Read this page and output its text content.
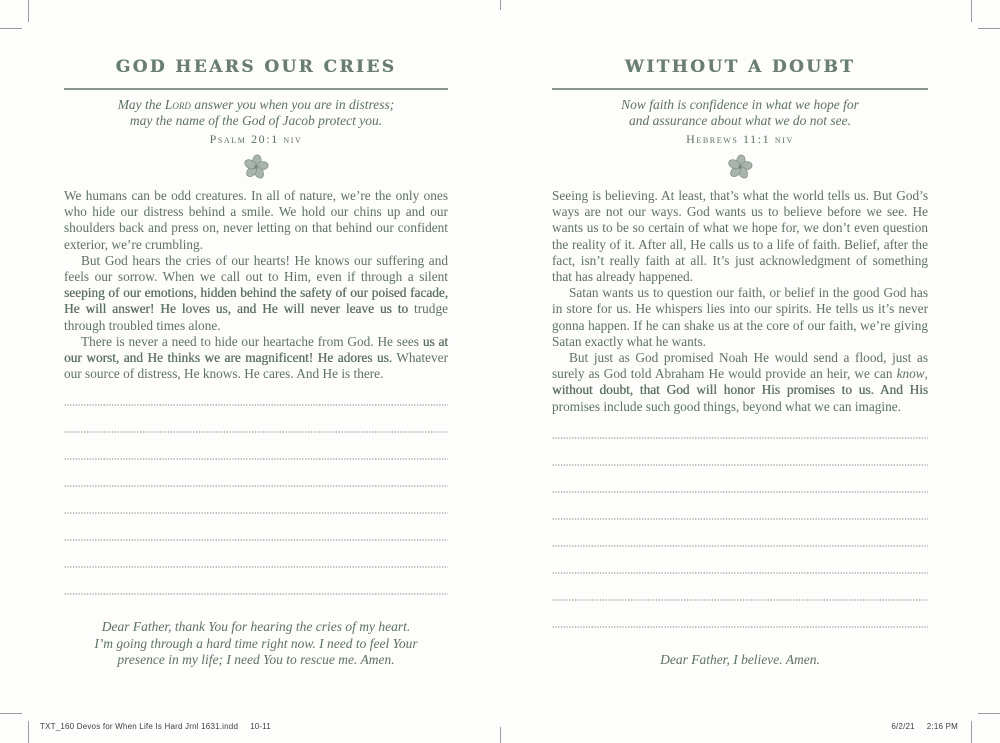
GOD HEARS OUR CRIES
May the Lord answer you when you are in distress;
may the name of the God of Jacob protect you.
Psalm 20:1 niv

We humans can be odd creatures. In all of nature, we’re the only ones who hide our distress behind a smile. We hold our chins up and our shoulders back and press on, never letting on that behind our confident exterior, we’re crumbling.

But God hears the cries of our hearts! He knows our suffering and feels our sorrow. When we call out to Him, even if through a silent seeping of our emotions, hidden behind the safety of our poised facade, He will answer! He loves us, and He will never leave us to trudge through troubled times alone.

There is never a need to hide our heartache from God. He sees us at our worst, and He thinks we are magnificent! He adores us. Whatever our source of distress, He knows. He cares. And He is there.

Dear Father, thank You for hearing the cries of my heart.
I’m going through a hard time right now. I need to feel Your
presence in my life; I need You to rescue me. Amen.
WITHOUT A DOUBT
Now faith is confidence in what we hope for
and assurance about what we do not see.
Hebrews 11:1 niv

Seeing is believing. At least, that’s what the world tells us. But God’s ways are not our ways. God wants us to believe before we see. He wants us to be so certain of what we hope for, we don’t even question the reality of it. After all, He calls us to a life of faith. Belief, after the fact, isn’t really faith at all. It’s just acknowledgment of something that has already happened.

Satan wants us to question our faith, or belief in the good God has in store for us. He whispers lies into our spirits. He tells us it’s never gonna happen. If he can shake us at the core of our faith, we’re giving Satan exactly what he wants.

But just as God promised Noah He would send a flood, just as surely as God told Abraham He would provide an heir, we can know, without doubt, that God will honor His promises to us. And His promises include such good things, beyond what we can imagine.

Dear Father, I believe. Amen.
TXT_160 Devos for When Life Is Hard Jrnl 1631.indd 10-11	6/2/21 2:16 PM
